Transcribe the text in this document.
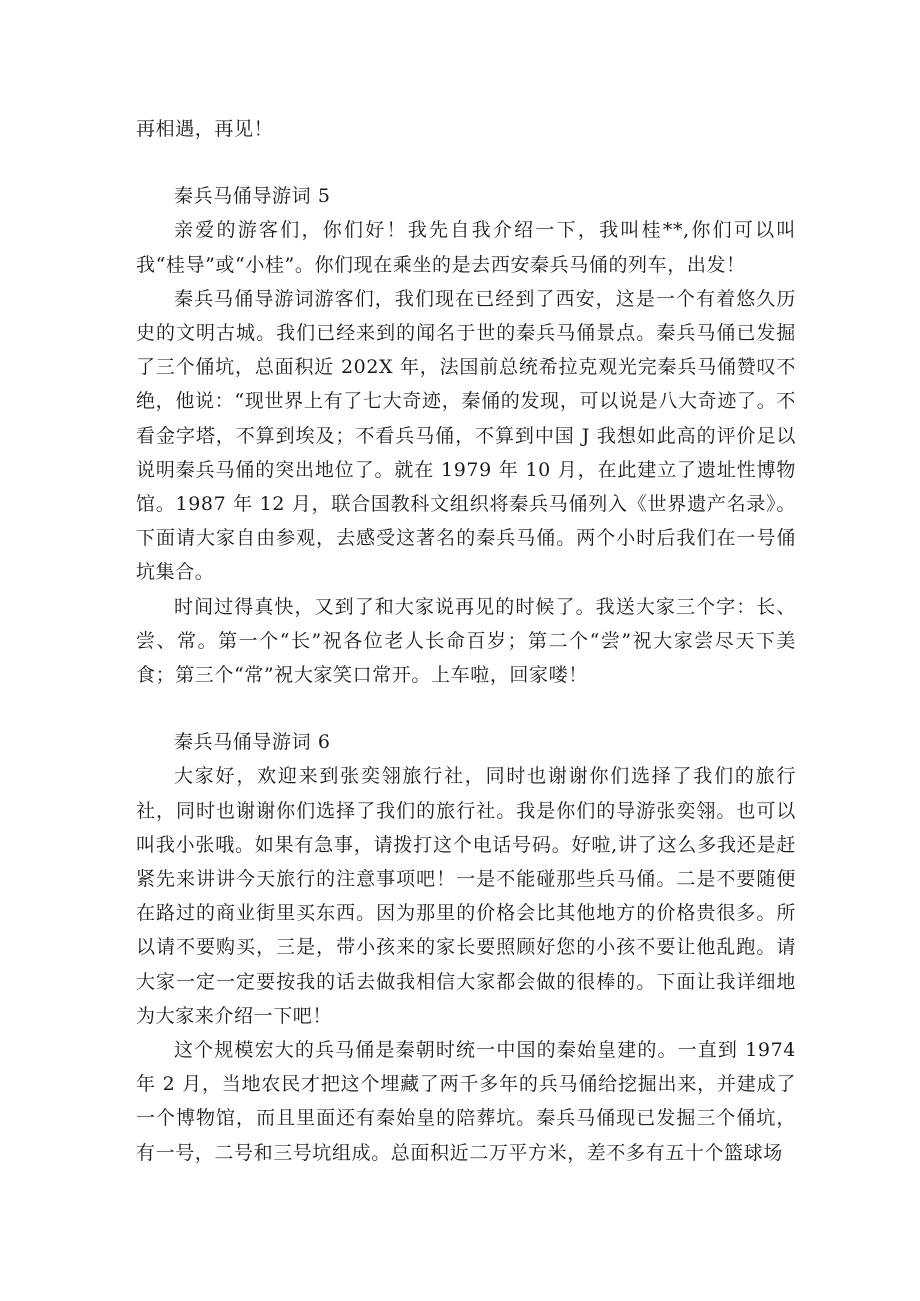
再相遇，再见！

秦兵马俑导游词 5

亲爱的游客们，你们好！我先自我介绍一下，我叫桂**,你们可以叫我“桂导”或“小桂”。你们现在乘坐的是去西安秦兵马俑的列车，出发！

秦兵马俑导游词游客们，我们现在已经到了西安，这是一个有着悠久历史的文明古城。我们已经来到的闻名于世的秦兵马俑景点。秦兵马俑已发掘了三个俑坑，总面积近 202X 年，法国前总统希拉克观光完秦兵马俑赞叹不绝，他说：“现世界上有了七大奇迹，秦俑的发现，可以说是八大奇迹了。不看金字塔，不算到埃及；不看兵马俑，不算到中国 J 我想如此高的评价足以说明秦兵马俑的突出地位了。就在 1979 年 10 月，在此建立了遗址性博物馆。1987 年 12 月，联合国教科文组织将秦兵马俑列入《世界遗产名录》。下面请大家自由参观，去感受这著名的秦兵马俑。两个小时后我们在一号俑坑集合。

时间过得真快，又到了和大家说再见的时候了。我送大家三个字：长、尝、常。第一个“长”祝各位老人长命百岁；第二个“尝”祝大家尝尽天下美食；第三个“常”祝大家笑口常开。上车啦，回家喽！

秦兵马俑导游词 6

大家好，欢迎来到张奕翎旅行社，同时也谢谢你们选择了我们的旅行社，同时也谢谢你们选择了我们的旅行社。我是你们的导游张奕翎。也可以叫我小张哦。如果有急事，请拨打这个电话号码。好啦,讲了这么多我还是赶紧先来讲讲今天旅行的注意事项吧！一是不能碰那些兵马俑。二是不要随便在路过的商业街里买东西。因为那里的价格会比其他地方的价格贵很多。所以请不要购买，三是，带小孩来的家长要照顾好您的小孩不要让他乱跑。请大家一定一定要按我的话去做我相信大家都会做的很棒的。下面让我详细地为大家来介绍一下吧！

这个规模宏大的兵马俑是秦朝时统一中国的秦始皇建的。一直到 1974 年 2 月，当地农民才把这个埋藏了两千多年的兵马俑给挖掘出来，并建成了一个博物馆，而且里面还有秦始皇的陪葬坑。秦兵马俑现已发掘三个俑坑，有一号，二号和三号坑组成。总面积近二万平方米，差不多有五十个篮球场
